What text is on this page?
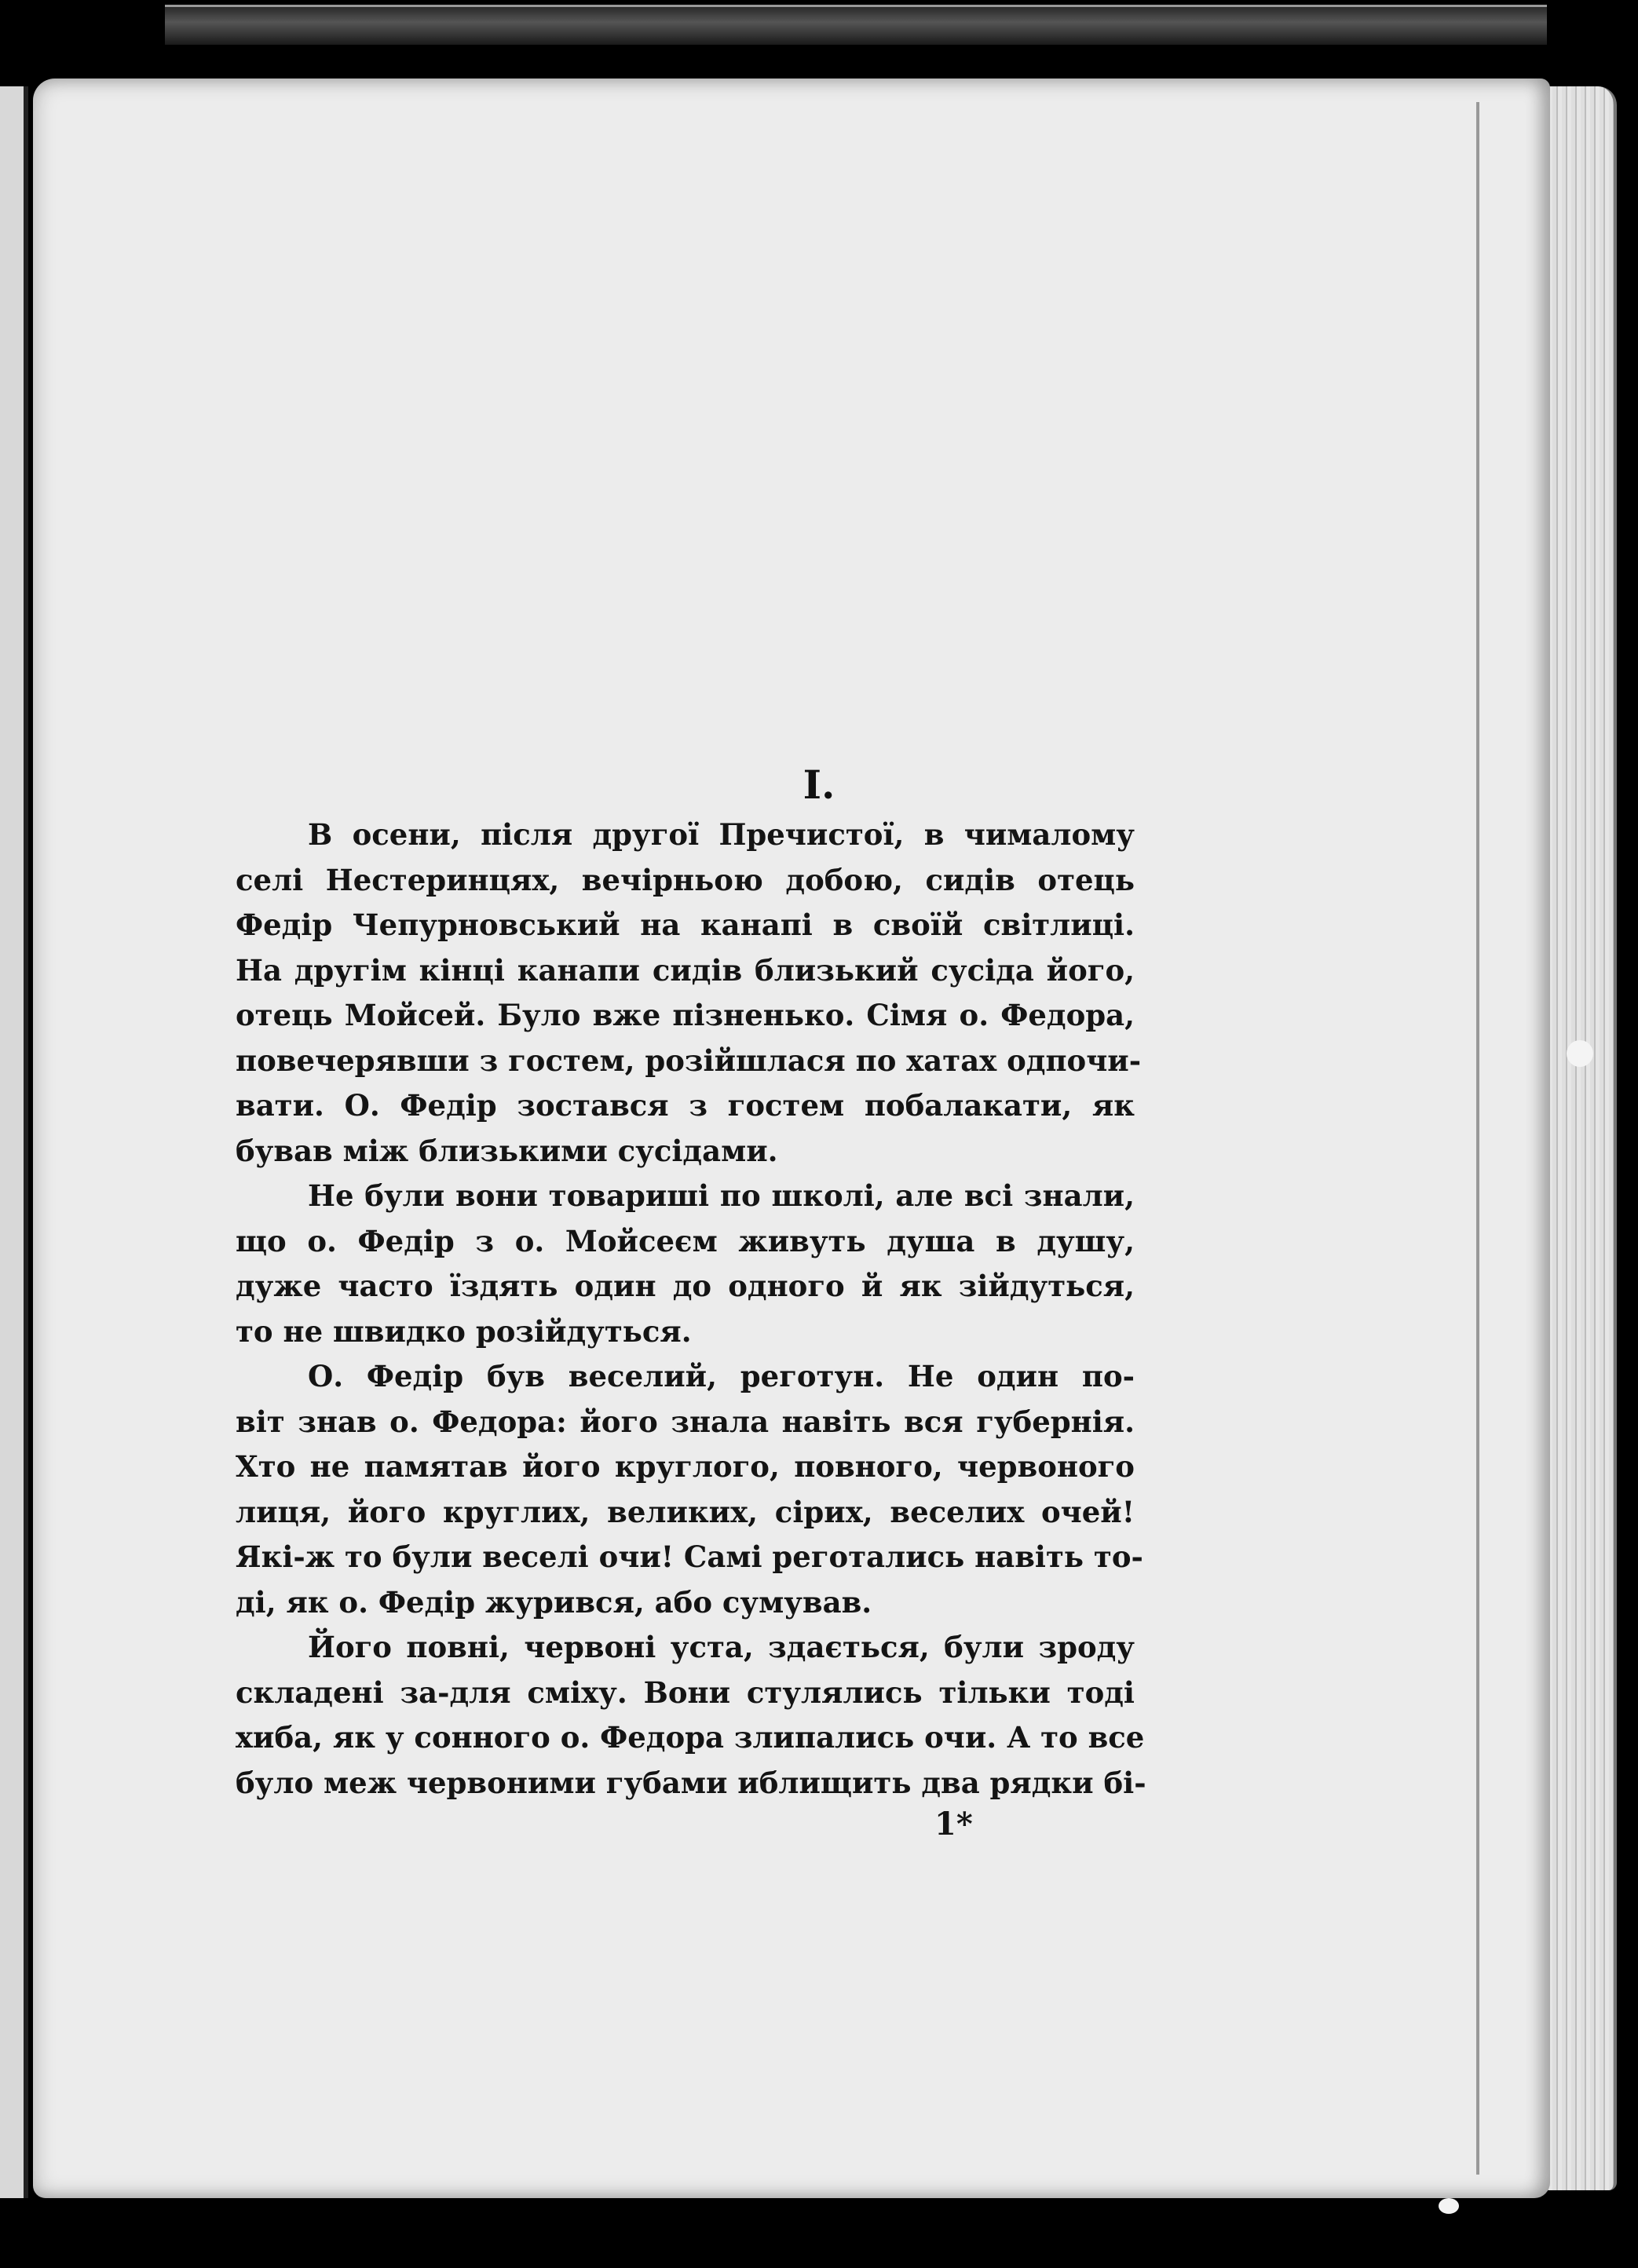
I.
В осени, після другої Пречистої, в чималому
селі Нестеринцях, вечірньою добою, сидів отець
Федір Чепурновський на канапі в своїй світлиці.
На другім кінці канапи сидів близький сусіда його,
отець Мойсей. Було вже пізненько. Сімя о. Федора,
повечерявши з гостем, розійшлася по хатах одпочи-
вати. О. Федір зостався з гостем побалакати, як
бував між близькими сусідами.
Не були вони товариші по школі, але всі знали,
що о. Федір з о. Мойсеєм живуть душа в душу,
дуже часто їздять один до одного й як зійдуться,
то не швидко розійдуться.
О. Федір був веселий, реготун. Не один по-
віт знав о. Федора: його знала навіть вся губернія.
Хто не памятав його круглого, повного, червоного
лиця, його круглих, великих, сірих, веселих очей!
Які-ж то були веселі очи! Самі реготались навіть то-
ді, як о. Федір журився, або сумував.
Його повні, червоні уста, здається, були зроду
складені за-для сміху. Вони стулялись тільки тоді
хиба, як у сонного о. Федора злипались очи. А то все
було меж червоними губами иблищить два рядки бі-
1*
